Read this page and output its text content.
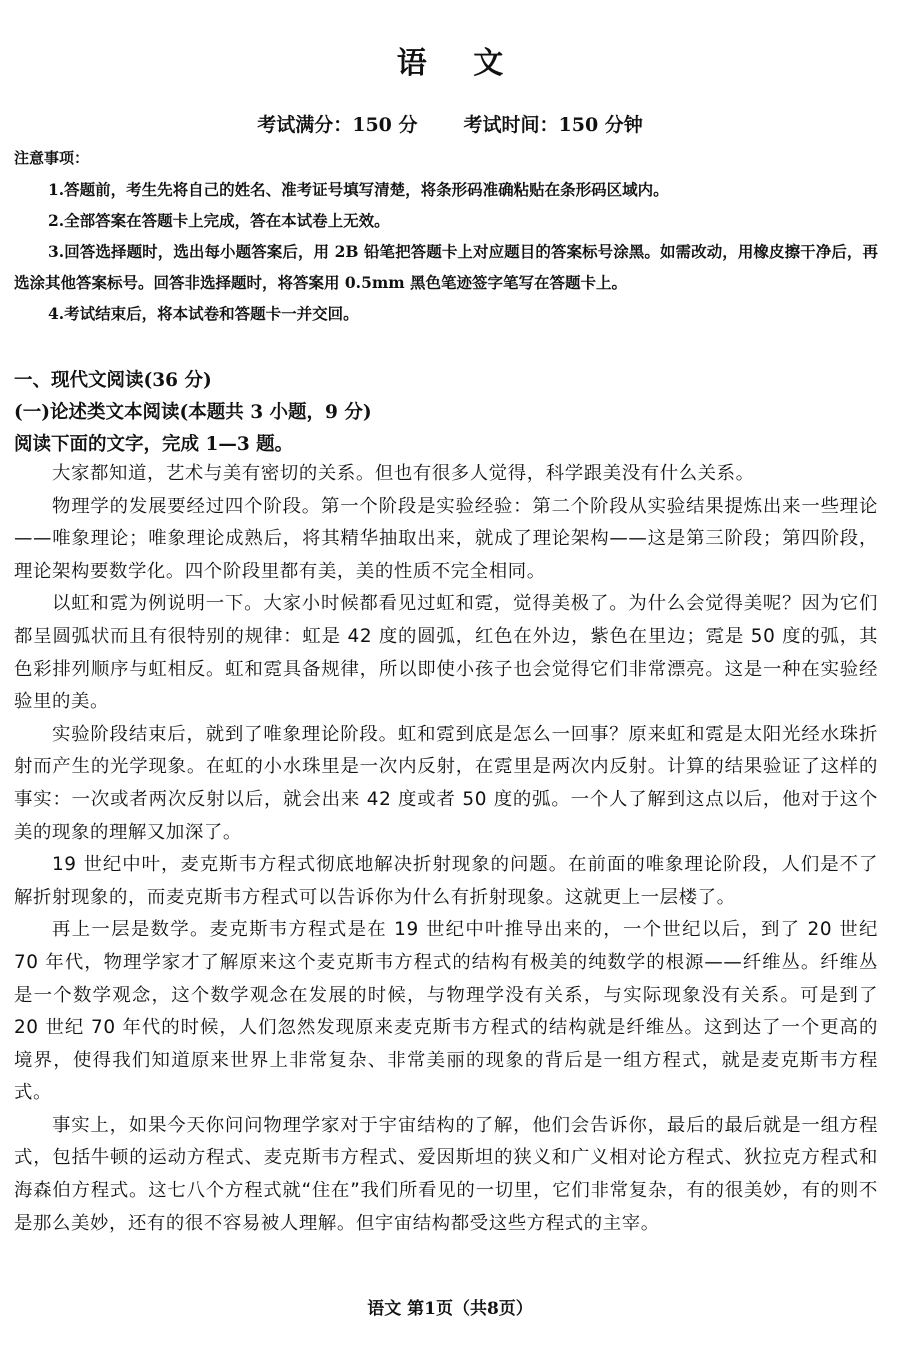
语 文
考试满分：150 分 考试时间：150 分钟
注意事项：
1.答题前，考生先将自己的姓名、准考证号填写清楚，将条形码准确粘贴在条形码区域内。
2.全部答案在答题卡上完成，答在本试卷上无效。
3.回答选择题时，选出每小题答案后，用 2B 铅笔把答题卡上对应题目的答案标号涂黑。如需改动，用橡皮擦干净后，再选涂其他答案标号。回答非选择题时，将答案用 0.5mm 黑色笔迹签字笔写在答题卡上。
4.考试结束后，将本试卷和答题卡一并交回。
一、现代文阅读(36 分)
(一)论述类文本阅读(本题共 3 小题，9 分)
阅读下面的文字，完成 1—3 题。

大家都知道，艺术与美有密切的关系。但也有很多人觉得，科学跟美没有什么关系。

物理学的发展要经过四个阶段。第一个阶段是实验经验：第二个阶段从实验结果提炼出来一些理论——唯象理论；唯象理论成熟后，将其精华抽取出来，就成了理论架构——这是第三阶段；第四阶段，理论架构要数学化。四个阶段里都有美，美的性质不完全相同。

以虹和霓为例说明一下。大家小时候都看见过虹和霓，觉得美极了。为什么会觉得美呢？因为它们都呈圆弧状而且有很特别的规律：虹是 42 度的圆弧，红色在外边，紫色在里边；霓是 50 度的弧，其色彩排列顺序与虹相反。虹和霓具备规律，所以即使小孩子也会觉得它们非常漂亮。这是一种在实验经验里的美。

实验阶段结束后，就到了唯象理论阶段。虹和霓到底是怎么一回事？原来虹和霓是太阳光经水珠折射而产生的光学现象。在虹的小水珠里是一次内反射，在霓里是两次内反射。计算的结果验证了这样的事实：一次或者两次反射以后，就会出来 42 度或者 50 度的弧。一个人了解到这点以后，他对于这个美的现象的理解又加深了。

19 世纪中叶，麦克斯韦方程式彻底地解决折射现象的问题。在前面的唯象理论阶段，人们是不了解折射现象的，而麦克斯韦方程式可以告诉你为什么有折射现象。这就更上一层楼了。

再上一层是数学。麦克斯韦方程式是在 19 世纪中叶推导出来的，一个世纪以后，到了 20 世纪 70 年代，物理学家才了解原来这个麦克斯韦方程式的结构有极美的纯数学的根源——纤维丛。纤维丛是一个数学观念，这个数学观念在发展的时候，与物理学没有关系，与实际现象没有关系。可是到了 20 世纪 70 年代的时候，人们忽然发现原来麦克斯韦方程式的结构就是纤维丛。这到达了一个更高的境界，使得我们知道原来世界上非常复杂、非常美丽的现象的背后是一组方程式，就是麦克斯韦方程式。

事实上，如果今天你问问物理学家对于宇宙结构的了解，他们会告诉你，最后的最后就是一组方程式，包括牛顿的运动方程式、麦克斯韦方程式、爱因斯坦的狭义和广义相对论方程式、狄拉克方程式和海森伯方程式。这七八个方程式就“住在”我们所看见的一切里，它们非常复杂，有的很美妙，有的则不是那么美妙，还有的很不容易被人理解。但宇宙结构都受这些方程式的主宰。

语文 第1页（共8页）
